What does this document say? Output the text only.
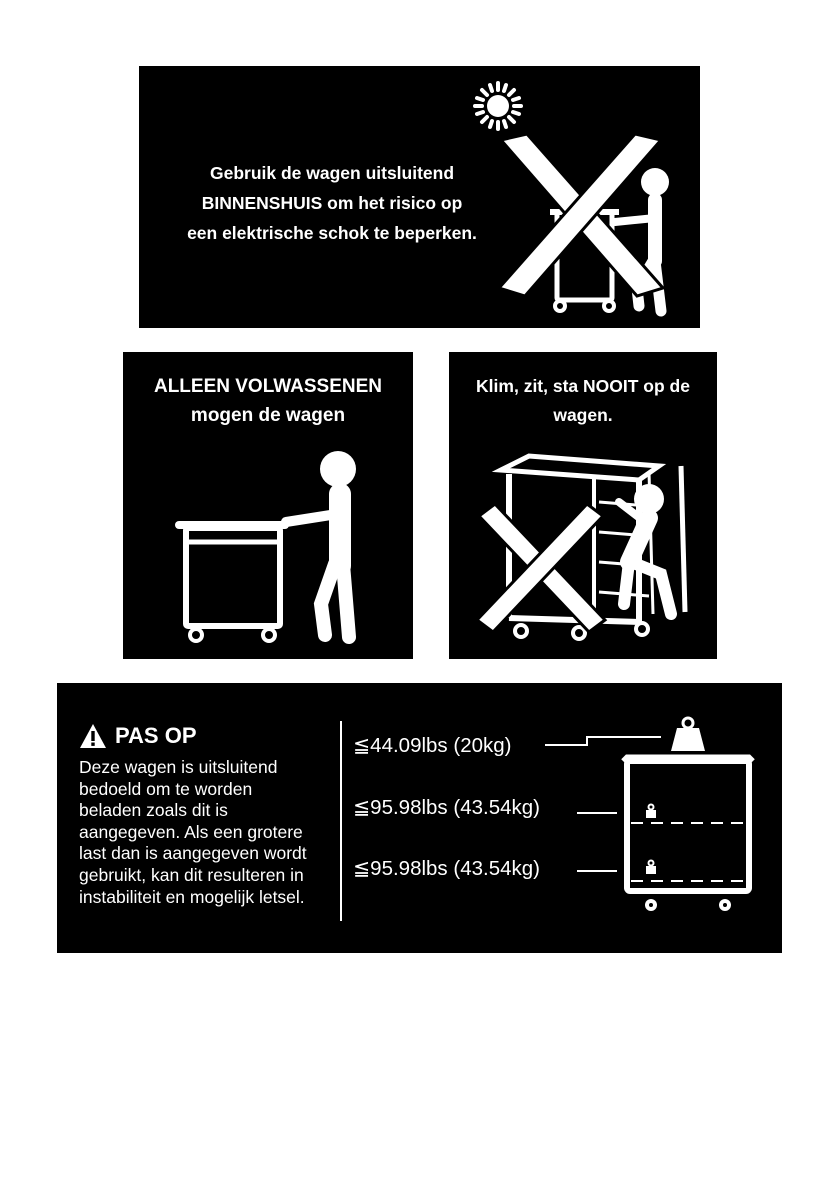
Gebruik de wagen uitsluitend
BINNENSHUIS om het risico op
een elektrische schok te beperken.
ALLEEN VOLWASSENEN
mogen de wagen
Klim, zit, sta NOOIT op de
wagen.
PAS OP
Deze wagen is uitsluitend
bedoeld om te worden
beladen zoals dit is
aangegeven. Als een grotere
last dan is aangegeven wordt
gebruikt, kan dit resulteren in
instabiliteit en mogelijk letsel.
≦44.09lbs (20kg)
≦95.98lbs (43.54kg)
≦95.98lbs (43.54kg)
